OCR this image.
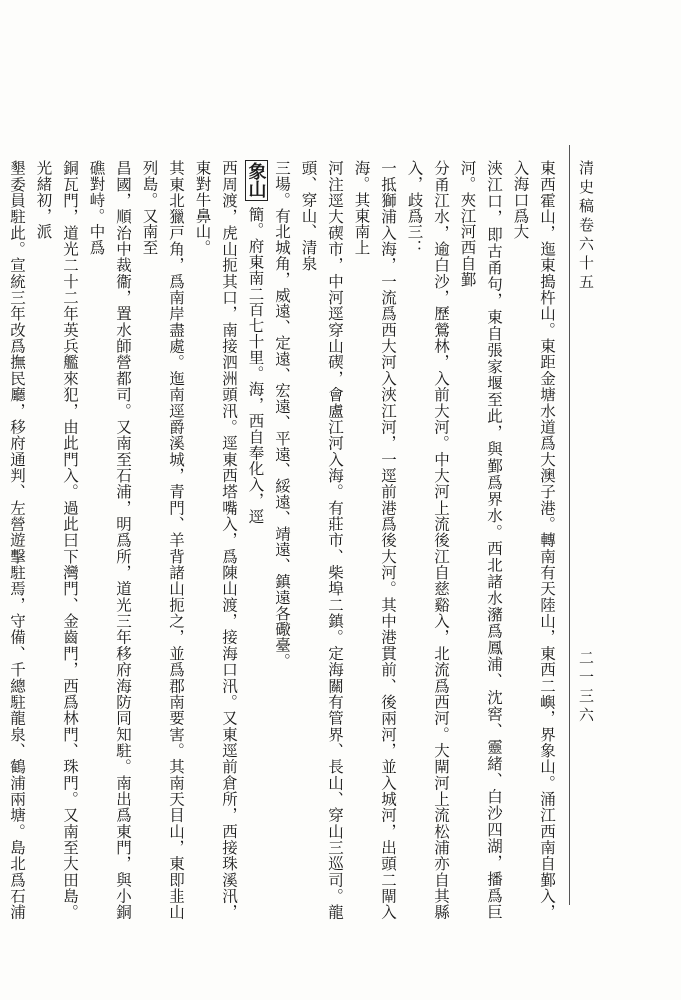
清史稿卷六十五
二一三六
東西霍山，迤東搗杵山。東距金塘水道爲大澳子港。轉南有天陸山，東西二嶼，界象山。涌江西南自鄞入，入海口爲大
浹江口，即古甬句，東自張家堰至此，與鄞爲界水。西北諸水瀦爲鳳浦、沈窖、靈緒、白沙四湖，播爲巨河。夾江河西自鄞
分甬江水，逾白沙，歷鶯林，入前大河。中大河上流後江自慈谿入，北流爲西河。大閘河上流松浦亦自其縣入，歧爲三：
一抵獅浦入海，一流爲西大河入浹江河，一逕前港爲後大河。其中港貫前、後兩河，並入城河，出頭二閘入海。其東南上
河注逕大碶市，中河逕穿山碶，會盧江河入海。有莊市、柴埠二鎮。定海關有管界、長山、穿山三巡司。龍頭、穿山、清泉
三場。有北城角，威遠、定遠、宏遠、平遠、綏遠、靖遠、鎮遠各礮臺。
象山 簡。府東南二百七十里。海，西自奉化入，逕
西周渡，虎山扼其口，南接泗洲頭汛。逕東西塔嘴入，爲陳山渡，接海口汛。又東逕前倉所，西接珠溪汛，東對牛鼻山。
其東北獵戸角，爲南岸盡處。迤南逕爵溪城，青門、羊背諸山扼之，並爲郡南要害。其南天目山，東即韭山列島。又南至
昌國，順治中裁衞，置水師營都司。又南至石浦，明爲所，道光三年移府海防同知駐。南出爲東門，與小銅礁對峙。中爲
銅瓦門，道光二十二年英兵艦來犯，由此門入。過此曰下灣門、金齒門，西爲林門、珠門。又南至大田島。光緒初，派
墾委員駐此。宣統三年改爲撫民廳，移府通判、左營遊擊駐焉，守備、千總駐龍泉、鶴浦兩塘。島北爲石浦
